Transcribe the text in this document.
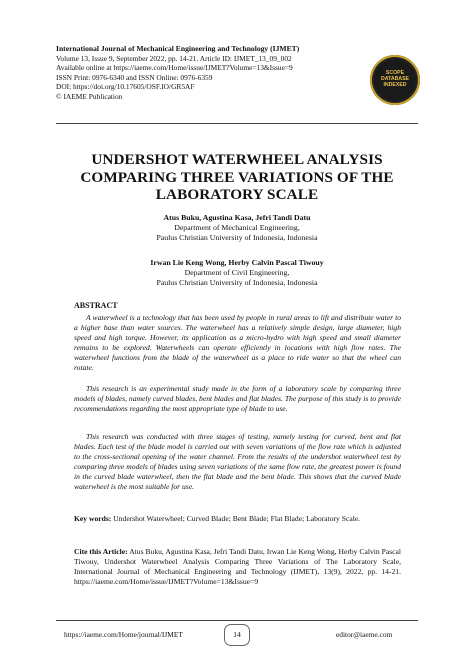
International Journal of Mechanical Engineering and Technology (IJMET)
Volume 13, Issue 9, September 2022, pp. 14-21. Article ID: IJMET_13_09_002
Available online at https://iaeme.com/Home/issue/IJMET?Volume=13&Issue=9
ISSN Print: 0976-6340 and ISSN Online: 0976-6359
DOI: https://doi.org/10.17605/OSF.IO/GR5AF
© IAEME Publication
SCOPE
DATABASE
INDEXED
UNDERSHOT WATERWHEEL ANALYSIS
COMPARING THREE VARIATIONS OF THE
LABORATORY SCALE
Atus Buku, Agustina Kasa, Jefri Tandi Datu
Department of Mechanical Engineering,
Paulus Christian University of Indonesia, Indonesia
Irwan Lie Keng Wong, Herby Calvin Pascal Tiwouy
Department of Civil Engineering,
Paulus Christian University of Indonesia, Indonesia
ABSTRACT
A waterwheel is a technology that has been used by people in rural areas to lift and distribute water to a higher base than water sources. The waterwheel has a relatively simple design, large diameter, high speed and high torque. However, its application as a micro-hydro with high speed and small diameter remains to be explored. Waterwheels can operate efficiently in locations with high flow rates. The waterwheel functions from the blade of the waterwheel as a place to ride water so that the wheel can rotate.
This research is an experimental study made in the form of a laboratory scale by comparing three models of blades, namely curved blades, bent blades and flat blades. The purpose of this study is to provide recommendations regarding the most appropriate type of blade to use.
This research was conducted with three stages of testing, namely testing for curved, bent and flat blades. Each test of the blade model is carried out with seven variations of the flow rate which is adjusted to the cross-sectional opening of the water channel. From the results of the undershot waterwheel test by comparing three models of blades using seven variations of the same flow rate, the greatest power is found in the curved blade waterwheel, then the flat blade and the bent blade. This shows that the curved blade waterwheel is the most suitable for use.
Key words: Undershot Waterwheel; Curved Blade; Bent Blade; Flat Blade; Laboratory Scale.
Cite this Article: Atus Buku, Agustina Kasa, Jefri Tandi Datu, Irwan Lie Keng Wong, Herby Calvin Pascal Tiwouy, Undershot Waterwheel Analysis Comparing Three Variations of The Laboratory Scale, International Journal of Mechanical Engineering and Technology (IJMET), 13(9), 2022, pp. 14-21. https://iaeme.com/Home/issue/IJMET?Volume=13&Issue=9
https://iaeme.com/Home/journal/IJMET	14	editor@iaeme.com
